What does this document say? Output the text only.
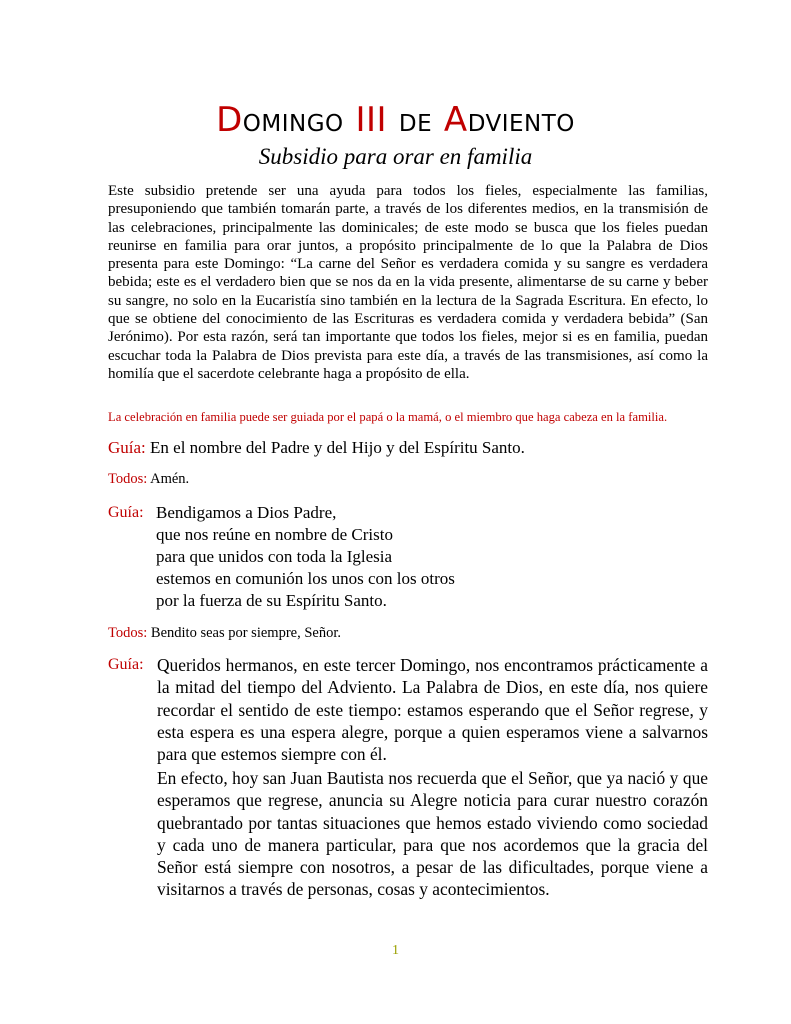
DOMINGO III DE ADVIENTO
Subsidio para orar en familia

Este subsidio pretende ser una ayuda para todos los fieles, especialmente las familias, presuponiendo que también tomarán parte, a través de los diferentes medios, en la transmisión de las celebraciones, principalmente las dominicales; de este modo se busca que los fieles puedan reunirse en familia para orar juntos, a propósito principalmente de lo que la Palabra de Dios presenta para este Domingo: “La carne del Señor es verdadera comida y su sangre es verdadera bebida; este es el verdadero bien que se nos da en la vida presente, alimentarse de su carne y beber su sangre, no solo en la Eucaristía sino también en la lectura de la Sagrada Escritura. En efecto, lo que se obtiene del conocimiento de las Escrituras es verdadera comida y verdadera bebida” (San Jerónimo). Por esta razón, será tan importante que todos los fieles, mejor si es en familia, puedan escuchar toda la Palabra de Dios prevista para este día, a través de las transmisiones, así como la homilía que el sacerdote celebrante haga a propósito de ella.

La celebración en familia puede ser guiada por el papá o la mamá, o el miembro que haga cabeza en la familia.
Guía: En el nombre del Padre y del Hijo y del Espíritu Santo.
Todos: Amén.
Guía: Bendigamos a Dios Padre,
que nos reúne en nombre de Cristo
para que unidos con toda la Iglesia
estemos en comunión los unos con los otros
por la fuerza de su Espíritu Santo.
Todos: Bendito seas por siempre, Señor.
Guía: Queridos hermanos, en este tercer Domingo, nos encontramos prácticamente a la mitad del tiempo del Adviento. La Palabra de Dios, en este día, nos quiere recordar el sentido de este tiempo: estamos esperando que el Señor regrese, y esta espera es una espera alegre, porque a quien esperamos viene a salvarnos para que estemos siempre con él.

En efecto, hoy san Juan Bautista nos recuerda que el Señor, que ya nació y que esperamos que regrese, anuncia su Alegre noticia para curar nuestro corazón quebrantado por tantas situaciones que hemos estado viviendo como sociedad y cada uno de manera particular, para que nos acordemos que la gracia del Señor está siempre con nosotros, a pesar de las dificultades, porque viene a visitarnos a través de personas, cosas y acontecimientos.

1
